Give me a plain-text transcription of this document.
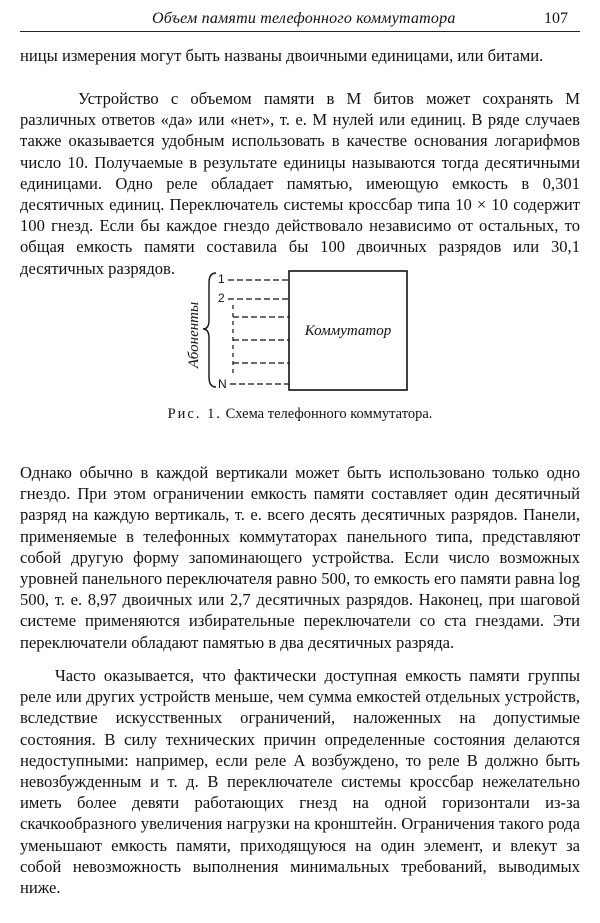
Объем памяти телефонного коммутатора	107

ницы измерения могут быть названы двоичными единицами, или битами.

Устройство с объемом памяти в M битов может сохранять M различных ответов «да» или «нет», т. е. M нулей или единиц. В ряде случаев также оказывается удобным использовать в качестве основания логарифмов число 10. Получаемые в результате единицы называются тогда десятичными единицами. Одно реле обладает памятью, имеющую емкость в 0,301 десятичных единиц. Переключатель системы кроссбар типа 10 × 10 содержит 100 гнезд. Если бы каждое гнездо действовало независимо от остальных, то общая емкость памяти составила бы 100 двоичных разрядов или 30,1 десятичных разрядов.

Абоненты
1
2
N
Коммутатор
Рис. 1. Схема телефонного коммутатора.

Однако обычно в каждой вертикали может быть использовано только одно гнездо. При этом ограничении емкость памяти составляет один десятичный разряд на каждую вертикаль, т. е. всего десять десятичных разрядов. Панели, применяемые в телефонных коммутаторах панельного типа, представляют собой другую форму запоминающего устройства. Если число возможных уровней панельного переключателя равно 500, то емкость его памяти равна log 500, т. е. 8,97 двоичных или 2,7 десятичных разрядов. Наконец, при шаговой системе применяются избирательные переключатели со ста гнездами. Эти переключатели обладают памятью в два десятичных разряда.

Часто оказывается, что фактически доступная емкость памяти группы реле или других устройств меньше, чем сумма емкостей отдельных устройств, вследствие искусственных ограничений, наложенных на допустимые состояния. В силу технических причин определенные состояния делаются недоступными: например, если реле A возбуждено, то реле B должно быть невозбужденным и т. д. В переключателе системы кроссбар нежелательно иметь более девяти работающих гнезд на одной горизонтали из-за скачкообразного увеличения нагрузки на кронштейн. Ограничения такого рода уменьшают емкость памяти, приходящуюся на один элемент, и влекут за собой невозможность выполнения минимальных требований, выводимых ниже.
